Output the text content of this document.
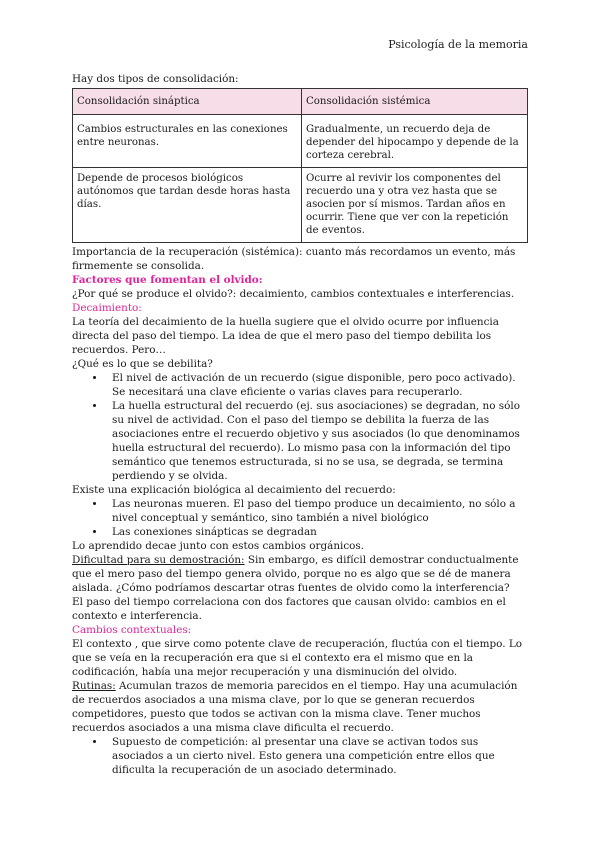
Psicología de la memoria

Hay dos tipos de consolidación:

Consolidación sináptica	Consolidación sistémica
Cambios estructurales en las conexiones entre neuronas.	Gradualmente, un recuerdo deja de depender del hipocampo y depende de la corteza cerebral.
Depende de procesos biológicos autónomos que tardan desde horas hasta días.	Ocurre al revivir los componentes del recuerdo una y otra vez hasta que se asocien por sí mismos. Tardan años en ocurrir. Tiene que ver con la repetición de eventos.

Importancia de la recuperación (sistémica): cuanto más recordamos un evento, más firmemente se consolida.

Factores que fomentan el olvido:

¿Por qué se produce el olvido?: decaimiento, cambios contextuales e interferencias.

Decaimiento:

La teoría del decaimiento de la huella sugiere que el olvido ocurre por influencia directa del paso del tiempo. La idea de que el mero paso del tiempo debilita los recuerdos. Pero…

¿Qué es lo que se debilita?

• El nivel de activación de un recuerdo (sigue disponible, pero poco activado). Se necesitará una clave eficiente o varias claves para recuperarlo.
• La huella estructural del recuerdo (ej. sus asociaciones) se degradan, no sólo su nivel de actividad. Con el paso del tiempo se debilita la fuerza de las asociaciones entre el recuerdo objetivo y sus asociados (lo que denominamos huella estructural del recuerdo). Lo mismo pasa con la información del tipo semántico que tenemos estructurada, si no se usa, se degrada, se termina perdiendo y se olvida.

Existe una explicación biológica al decaimiento del recuerdo:

• Las neuronas mueren. El paso del tiempo produce un decaimiento, no sólo a nivel conceptual y semántico, sino también a nivel biológico
• Las conexiones sinápticas se degradan

Lo aprendido decae junto con estos cambios orgánicos.

Dificultad para su demostración: Sin embargo, es difícil demostrar conductualmente que el mero paso del tiempo genera olvido, porque no es algo que se dé de manera aislada. ¿Cómo podríamos descartar otras fuentes de olvido como la interferencia?

El paso del tiempo correlaciona con dos factores que causan olvido: cambios en el contexto e interferencia.

Cambios contextuales:

El contexto , que sirve como potente clave de recuperación, fluctúa con el tiempo. Lo que se veía en la recuperación era que si el contexto era el mismo que en la codificación, había una mejor recuperación y una disminución del olvido.

Rutinas: Acumulan trazos de memoria parecidos en el tiempo. Hay una acumulación de recuerdos asociados a una misma clave, por lo que se generan recuerdos competidores, puesto que todos se activan con la misma clave. Tener muchos recuerdos asociados a una misma clave dificulta el recuerdo.

• Supuesto de competición: al presentar una clave se activan todos sus asociados a un cierto nivel. Esto genera una competición entre ellos que dificulta la recuperación de un asociado determinado.
